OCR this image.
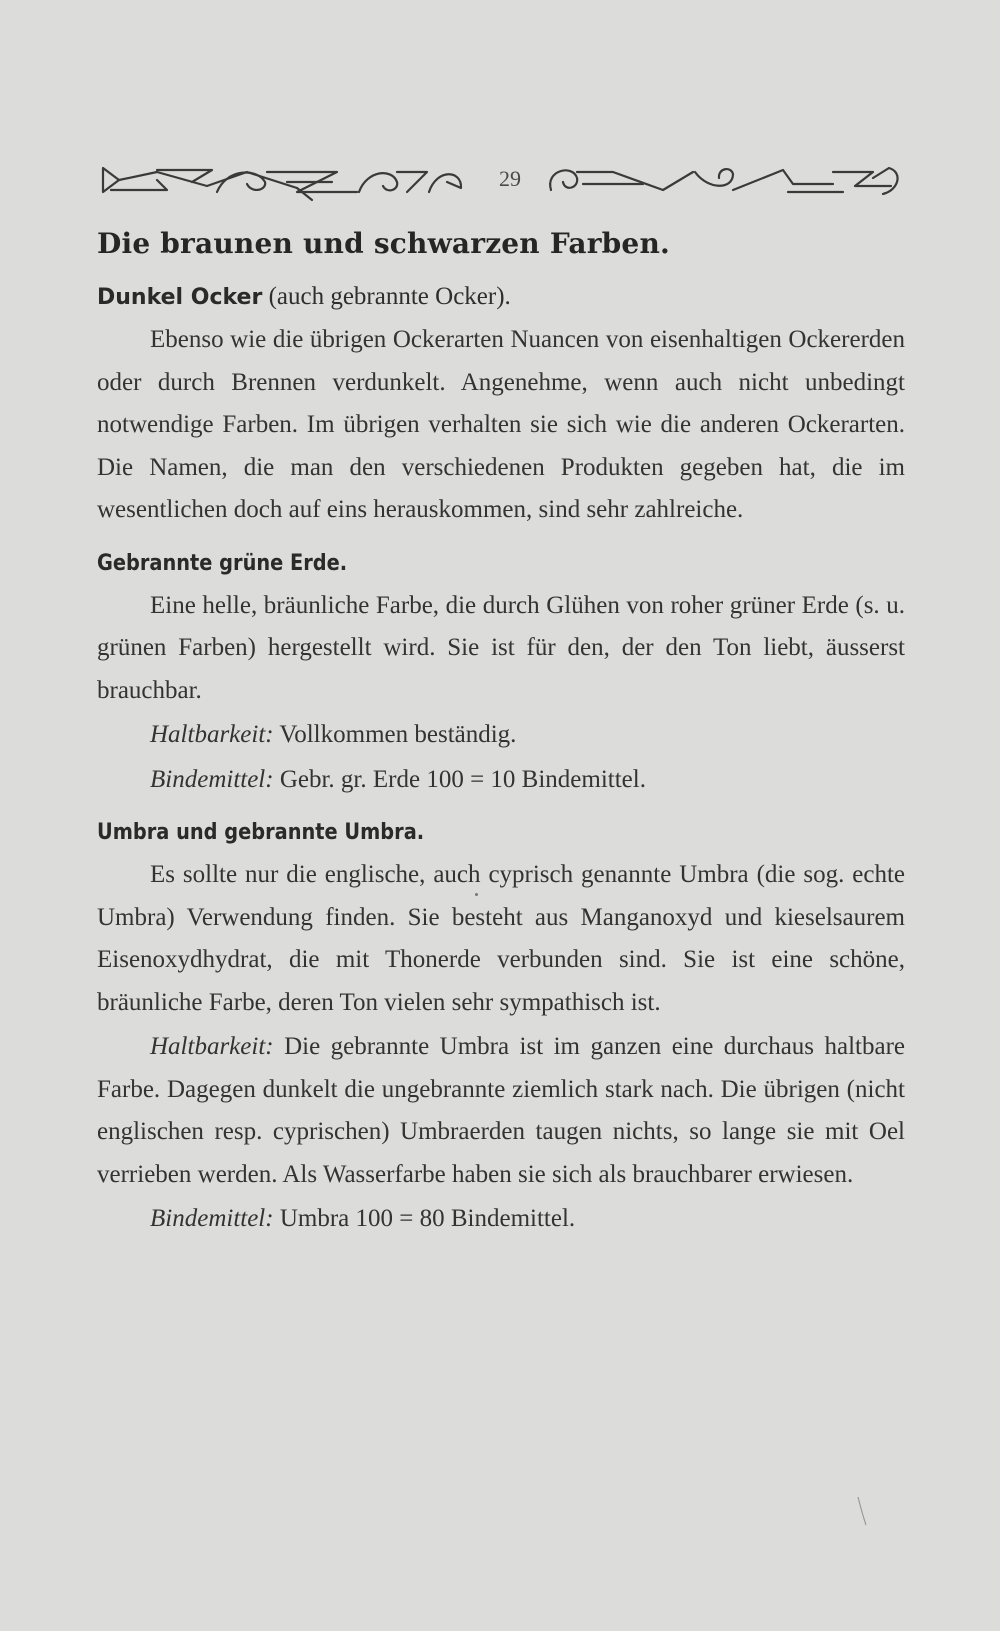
29
Die braunen und schwarzen Farben.
Dunkel Ocker (auch gebrannte Ocker).

Ebenso wie die übrigen Ockerarten Nuancen von eisenhaltigen Ockererden oder durch Brennen verdunkelt. Angenehme, wenn auch nicht unbedingt notwendige Farben. Im übrigen verhalten sie sich wie die anderen Ockerarten. Die Namen, die man den verschiedenen Produkten gegeben hat, die im wesentlichen doch auf eins herauskommen, sind sehr zahlreiche.

Gebrannte grüne Erde.

Eine helle, bräunliche Farbe, die durch Glühen von roher grüner Erde (s. u. grünen Farben) hergestellt wird. Sie ist für den, der den Ton liebt, äusserst brauchbar.

Haltbarkeit: Vollkommen beständig.

Bindemittel: Gebr. gr. Erde 100 = 10 Bindemittel.

Umbra und gebrannte Umbra.

Es sollte nur die englische, auch cyprisch genannte Umbra (die sog. echte Umbra) Verwendung finden. Sie besteht aus Manganoxyd und kieselsaurem Eisenoxydhydrat, die mit Thonerde verbunden sind. Sie ist eine schöne, bräunliche Farbe, deren Ton vielen sehr sympathisch ist.

Haltbarkeit: Die gebrannte Umbra ist im ganzen eine durchaus haltbare Farbe. Dagegen dunkelt die ungebrannte ziemlich stark nach. Die übrigen (nicht englischen resp. cyprischen) Umbraerden taugen nichts, so lange sie mit Oel verrieben werden. Als Wasserfarbe haben sie sich als brauchbarer erwiesen.

Bindemittel: Umbra 100 = 80 Bindemittel.
